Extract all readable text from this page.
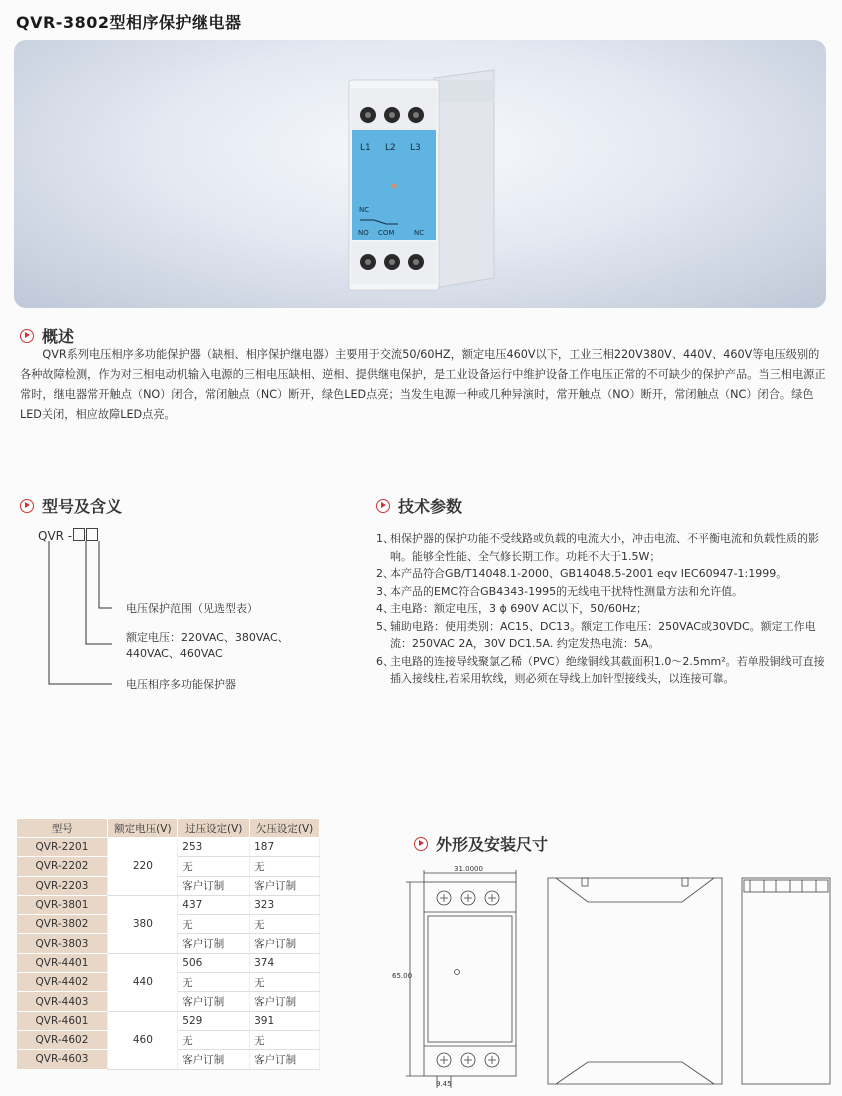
QVR-3802型相序保护继电器
L1 L2 L3
NC
NO COM	NC
概述
QVR系列电压相序多功能保护器（缺相、相序保护继电器）主要用于交流50/60HZ，额定电压460V以下，工业三相220V380V、440V、460V等电压级别的各种故障检测，作为对三相电动机输入电源的三相电压缺相、逆相、提供继电保护，是工业设备运行中维护设备工作电压正常的不可缺少的保护产品。当三相电源正常时，继电器常开触点（NO）闭合，常闭触点（NC）断开，绿色LED点亮；当发生电源一种或几种异演时，常开触点（NO）断开，常闭触点（NC）闭合。绿色LED关闭，相应故障LED点亮。
型号及含义
QVR -
电压保护范围（见选型表）
额定电压：220VAC、380VAC、440VAC、460VAC
电压相序多功能保护器
技术参数
1、
相保护器的保护功能不受线路或负载的电流大小，冲击电流、不平衡电流和负载性质的影响。能够全性能、全气修长期工作。功耗不大于1.5W；
2、
本产品符合GB/T14048.1-2000、GB14048.5-2001 eqv IEC60947-1:1999。
3、
本产品的EMC符合GB4343-1995的无线电干扰特性测量方法和允许值。
4、
主电路：额定电压，3 ϕ 690V AC以下，50/60Hz；
5、
辅助电路：使用类别：AC15、DC13。额定工作电压：250VAC或30VDC。额定工作电流：250VAC 2A，30V DC1.5A. 约定发热电流：5A。
6、
主电路的连接导线聚氯乙稀（PVC）绝缘铜线其截面积1.0～2.5mm²。若单股铜线可直接插入接线柱,若采用软线，则必须在导线上加针型接线头，以连接可靠。
型号	额定电压(V)	过压设定(V)	欠压设定(V)
QVR-2201	220	253	187
QVR-2202		无	无
QVR-2203		客户订制	客户订制
QVR-3801	380	437	323
QVR-3802		无	无
QVR-3803		客户订制	客户订制
QVR-4401	440	506	374
QVR-4402		无	无
QVR-4403		客户订制	客户订制
QVR-4601	460	529	391
QVR-4602		无	无
QVR-4603		客户订制	客户订制
外形及安装尺寸
31.0000
65.00
9.45
